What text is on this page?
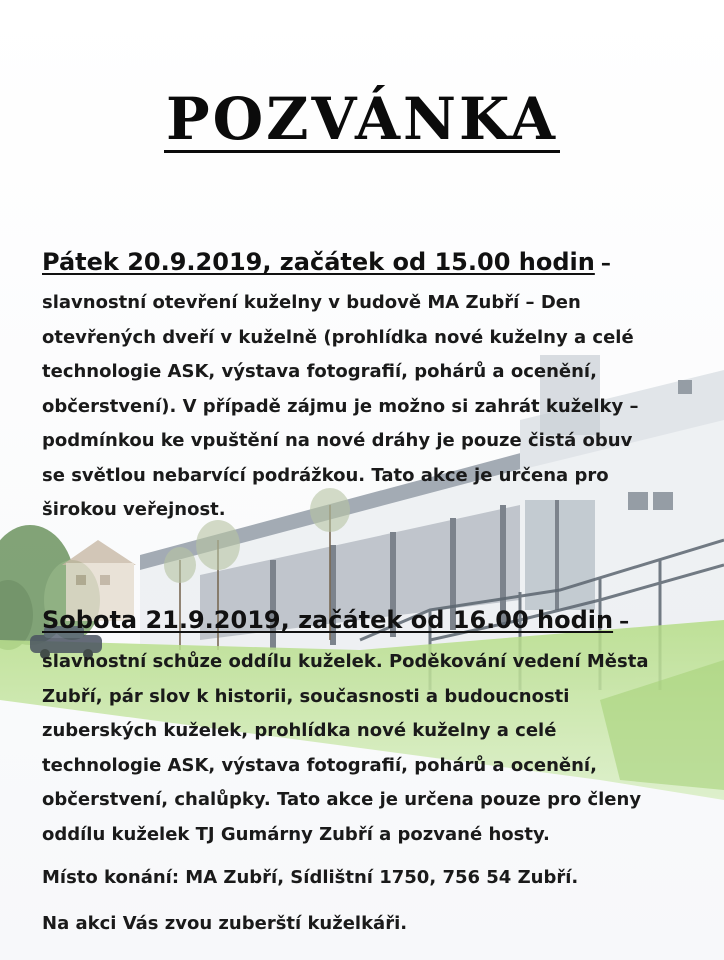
POZVÁNKA
Pátek 20.9.2019, začátek od 15.00 hodin –
slavnostní otevření kuželny v budově MA Zubří – Den
otevřených dveří v kuželně (prohlídka nové kuželny a celé
technologie ASK, výstava fotografií, pohárů a ocenění,
občerstvení). V případě zájmu je možno si zahrát kuželky –
podmínkou ke vpuštění na nové dráhy je pouze čistá obuv
se světlou nebarvící podrážkou. Tato akce je určena pro
širokou veřejnost.
Sobota 21.9.2019, začátek od 16.00 hodin –
slavnostní schůze oddílu kuželek. Poděkování vedení Města
Zubří, pár slov k historii, současnosti a budoucnosti
zuberských kuželek, prohlídka nové kuželny a celé
technologie ASK, výstava fotografií, pohárů a ocenění,
občerstvení, chalůpky. Tato akce je určena pouze pro členy
oddílu kuželek TJ Gumárny Zubří a pozvané hosty.
Místo konání: MA Zubří, Sídlištní 1750, 756 54 Zubří.
Na akci Vás zvou zuberští kuželkáři.
